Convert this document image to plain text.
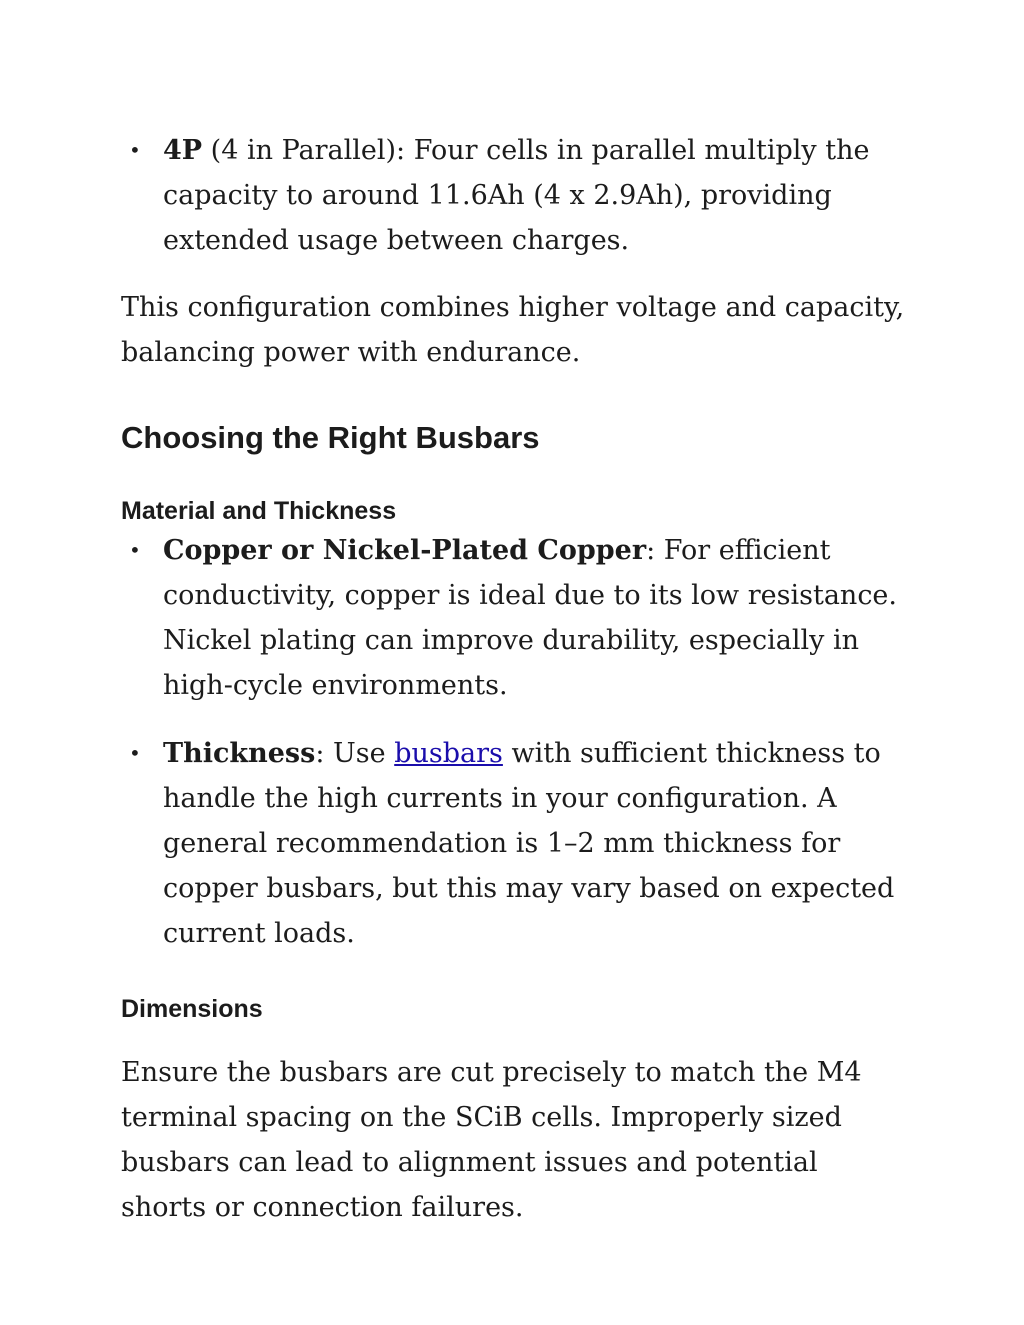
• 4P (4 in Parallel): Four cells in parallel multiply the capacity to around 11.6Ah (4 x 2.9Ah), providing extended usage between charges.

This configuration combines higher voltage and capacity, balancing power with endurance.

Choosing the Right Busbars
Material and Thickness
• Copper or Nickel-Plated Copper: For efficient conductivity, copper is ideal due to its low resistance. Nickel plating can improve durability, especially in high-cycle environments.
• Thickness: Use busbars with sufficient thickness to handle the high currents in your configuration. A general recommendation is 1–2 mm thickness for copper busbars, but this may vary based on expected current loads.
Dimensions

Ensure the busbars are cut precisely to match the M4 terminal spacing on the SCiB cells. Improperly sized busbars can lead to alignment issues and potential shorts or connection failures.
